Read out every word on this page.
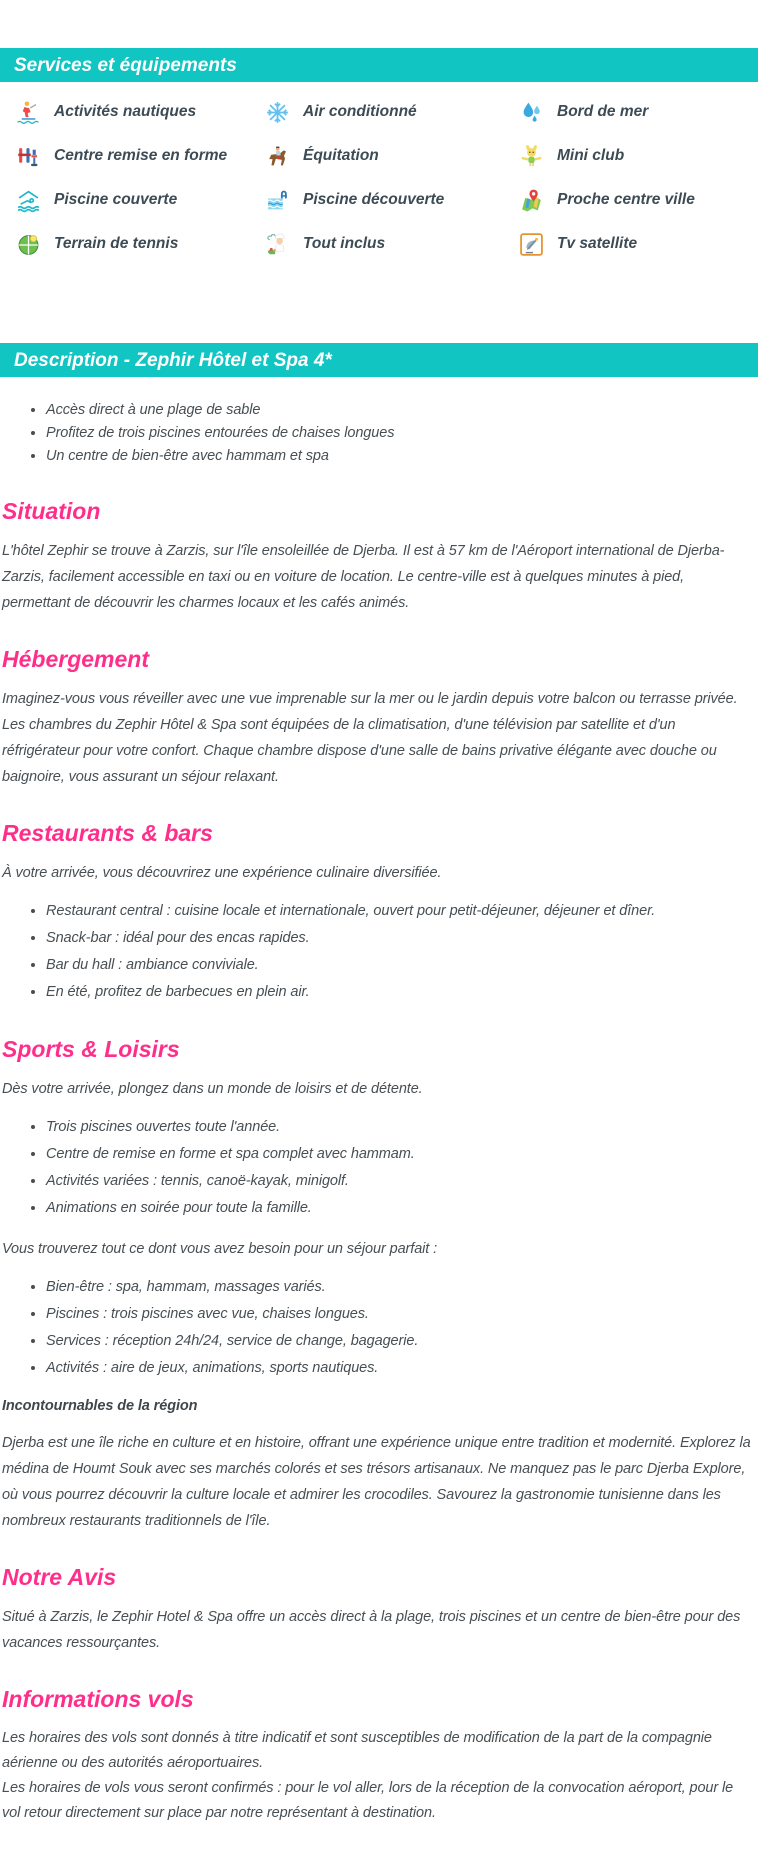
Services et équipements
Activités nautiques	Air conditionné	Bord de mer
Centre remise en forme	Équitation	Mini club
Piscine couverte	Piscine découverte	Proche centre ville
Terrain de tennis	Tout inclus	Tv satellite
Description - Zephir Hôtel et Spa 4*
• Accès direct à une plage de sable
• Profitez de trois piscines entourées de chaises longues
• Un centre de bien-être avec hammam et spa
Situation

L'hôtel Zephir se trouve à Zarzis, sur l'île ensoleillée de Djerba. Il est à 57 km de l'Aéroport international de Djerba-Zarzis, facilement accessible en taxi ou en voiture de location. Le centre-ville est à quelques minutes à pied, permettant de découvrir les charmes locaux et les cafés animés.

Hébergement

Imaginez-vous vous réveiller avec une vue imprenable sur la mer ou le jardin depuis votre balcon ou terrasse privée. Les chambres du Zephir Hôtel & Spa sont équipées de la climatisation, d'une télévision par satellite et d'un réfrigérateur pour votre confort. Chaque chambre dispose d'une salle de bains privative élégante avec douche ou baignoire, vous assurant un séjour relaxant.

Restaurants & bars

À votre arrivée, vous découvrirez une expérience culinaire diversifiée.

• Restaurant central : cuisine locale et internationale, ouvert pour petit-déjeuner, déjeuner et dîner.
• Snack-bar : idéal pour des encas rapides.
• Bar du hall : ambiance conviviale.
• En été, profitez de barbecues en plein air.
Sports & Loisirs

Dès votre arrivée, plongez dans un monde de loisirs et de détente.

• Trois piscines ouvertes toute l'année.
• Centre de remise en forme et spa complet avec hammam.
• Activités variées : tennis, canoë-kayak, minigolf.
• Animations en soirée pour toute la famille.

Vous trouverez tout ce dont vous avez besoin pour un séjour parfait :

• Bien-être : spa, hammam, massages variés.
• Piscines : trois piscines avec vue, chaises longues.
• Services : réception 24h/24, service de change, bagagerie.
• Activités : aire de jeux, animations, sports nautiques.

Incontournables de la région

Djerba est une île riche en culture et en histoire, offrant une expérience unique entre tradition et modernité. Explorez la médina de Houmt Souk avec ses marchés colorés et ses trésors artisanaux. Ne manquez pas le parc Djerba Explore, où vous pourrez découvrir la culture locale et admirer les crocodiles. Savourez la gastronomie tunisienne dans les nombreux restaurants traditionnels de l'île.

Notre Avis

Situé à Zarzis, le Zephir Hotel & Spa offre un accès direct à la plage, trois piscines et un centre de bien-être pour des vacances ressourçantes.

Informations vols

Les horaires des vols sont donnés à titre indicatif et sont susceptibles de modification de la part de la compagnie aérienne ou des autorités aéroportuaires.

Les horaires de vols vous seront confirmés : pour le vol aller, lors de la réception de la convocation aéroport, pour le vol retour directement sur place par notre représentant à destination.
